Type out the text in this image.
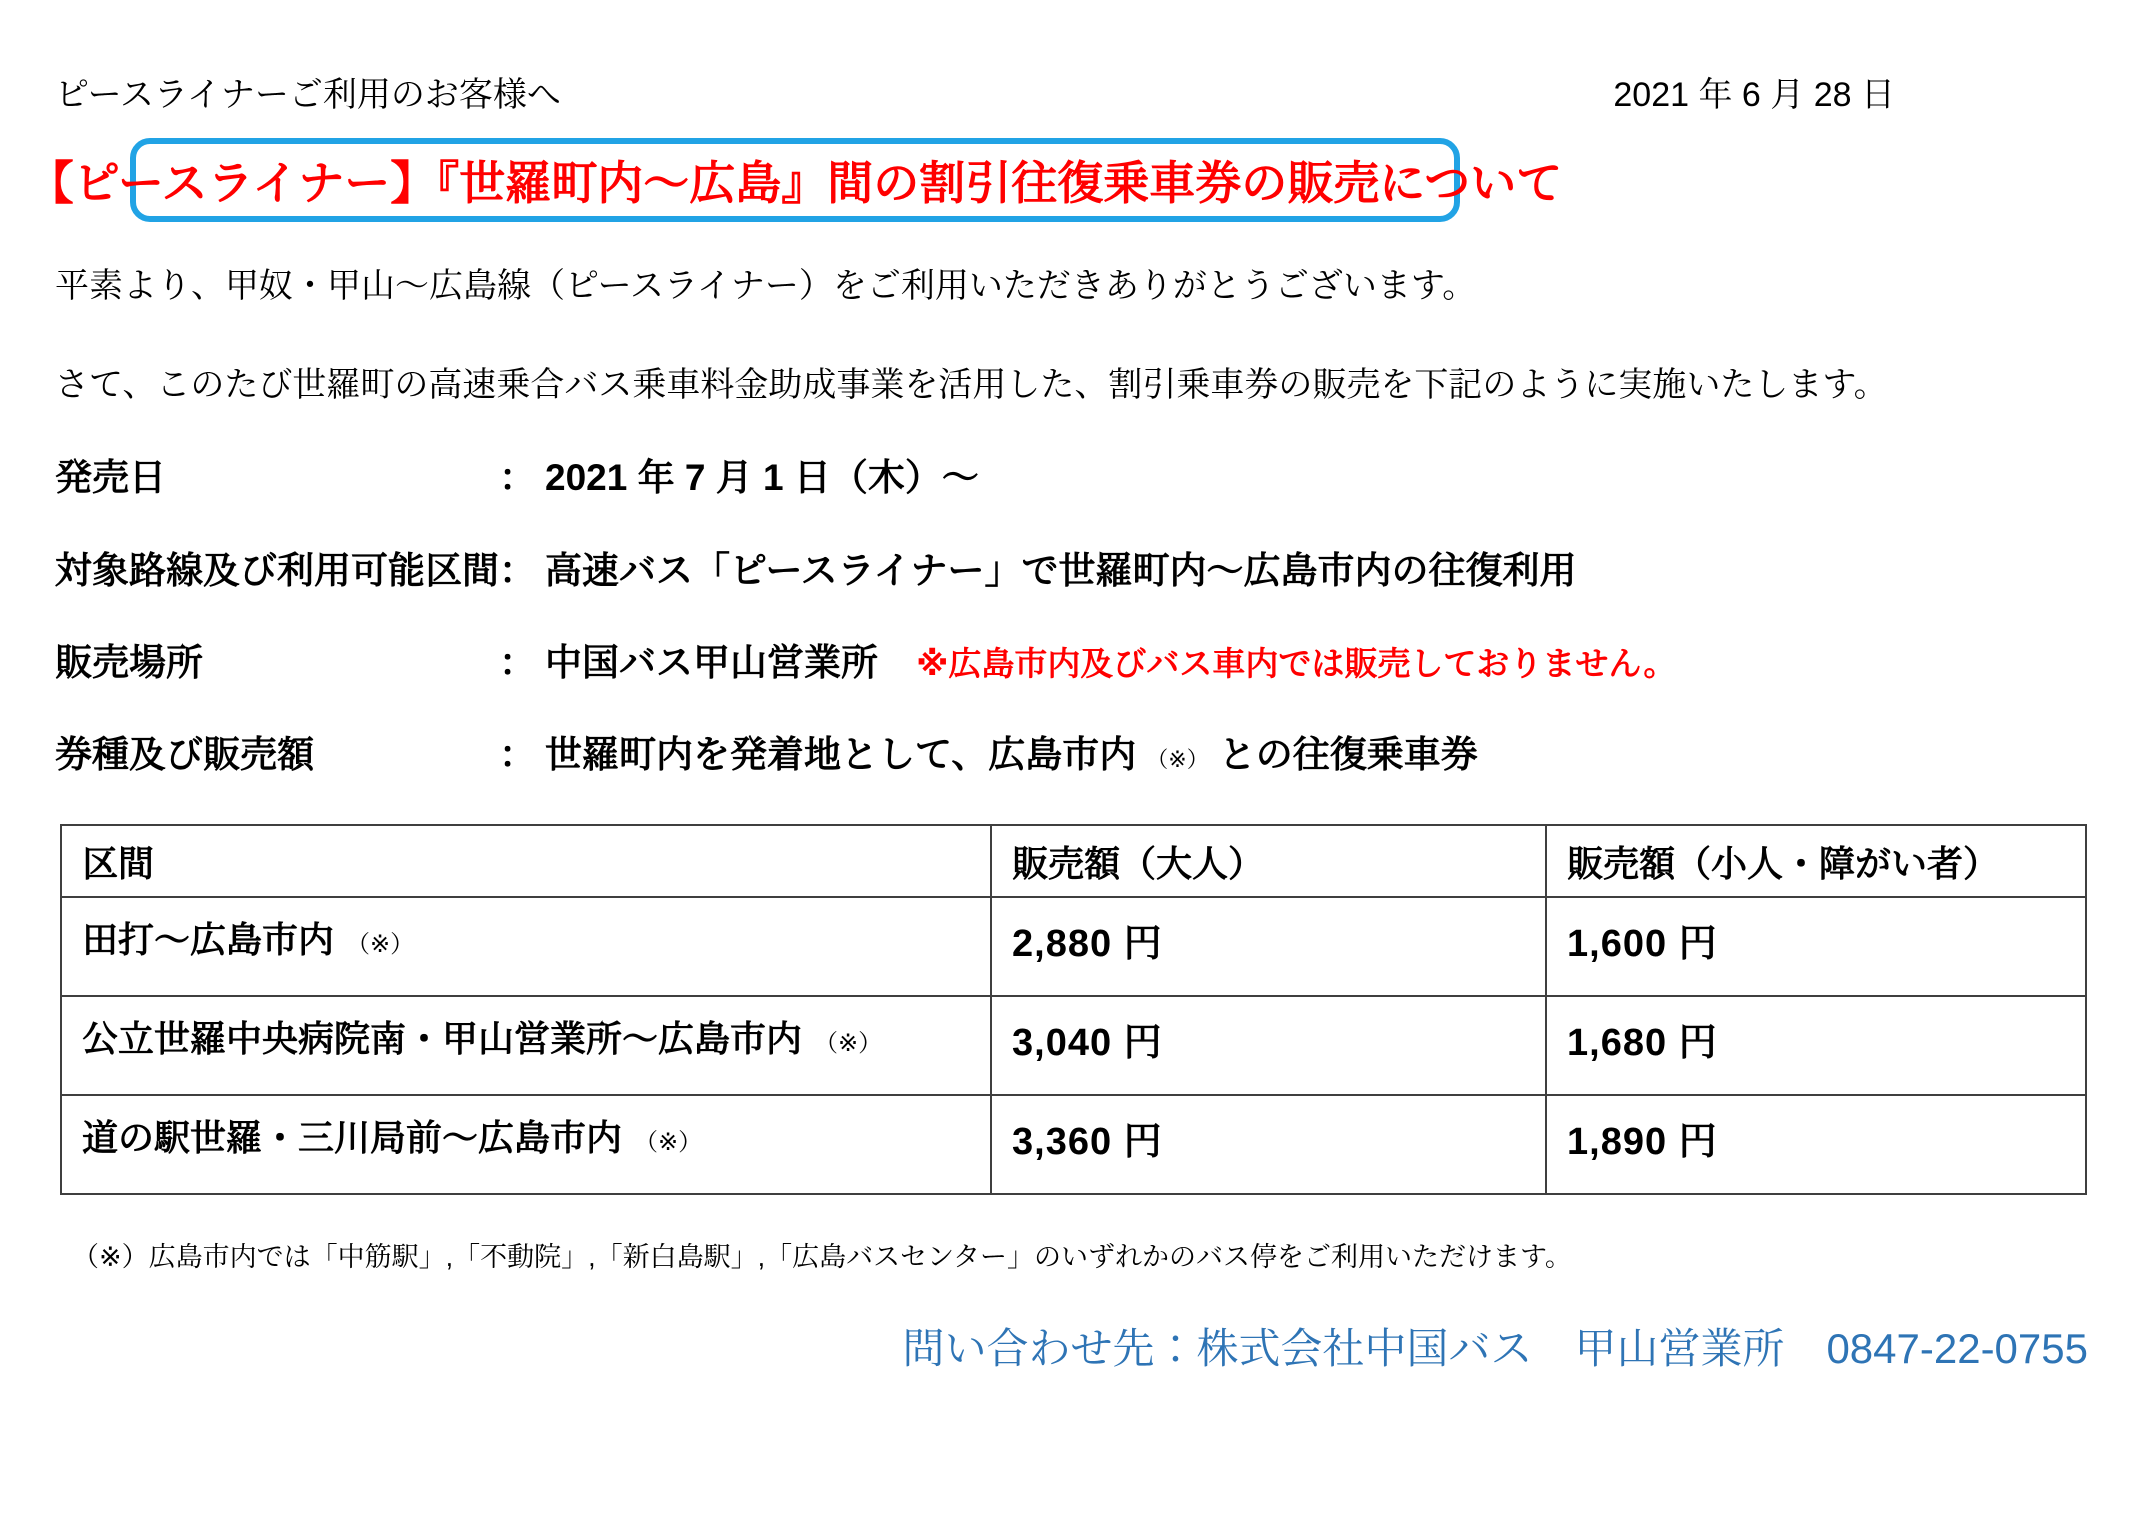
ピースライナーご利用のお客様へ	2021 年 6 月 28 日
【ピースライナー】『世羅町内～広島』間の割引往復乗車券の販売について

平素より、甲奴・甲山～広島線（ピースライナー）をご利用いただきありがとうございます。

さて、このたび世羅町の高速乗合バス乗車料金助成事業を活用した、割引乗車券の販売を下記のように実施いたします。

発売日	： 2021 年 7 月 1 日（木）～
対象路線及び利用可能区間 ： 高速バス「ピースライナー」で世羅町内～広島市内の往復利用
販売場所	： 中国バス甲山営業所 ※広島市内及びバス車内では販売しておりません。
券種及び販売額	： 世羅町内を発着地として、広島市内 （※） との往復乗車券
区間	販売額（大人）	販売額（小人・障がい者）
田打～広島市内 （※）	2,880 円	1,600 円
公立世羅中央病院南・甲山営業所～広島市内 （※）	3,040 円	1,680 円
道の駅世羅・三川局前～広島市内 （※）	3,360 円	1,890 円

（※）広島市内では「中筋駅」,「不動院」,「新白島駅」,「広島バスセンター」のいずれかのバス停をご利用いただけます。

問い合わせ先：株式会社中国バス　甲山営業所　0847-22-0755
